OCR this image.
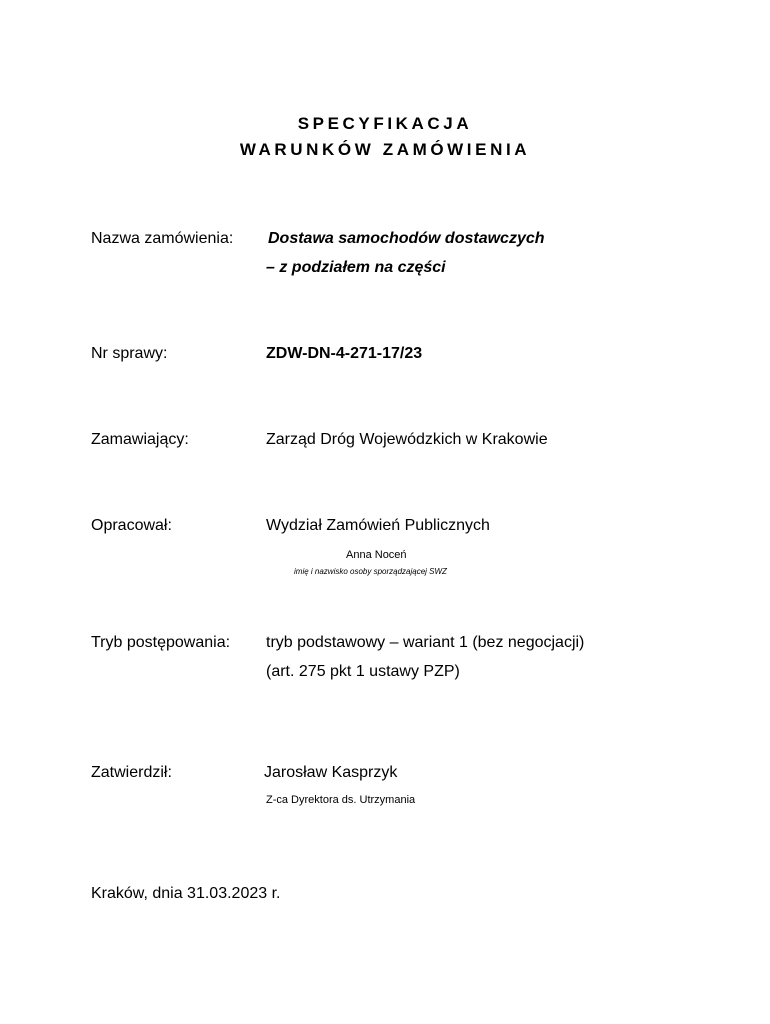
SPECYFIKACJA
WARUNKÓW ZAMÓWIENIA
Nazwa zamówienia: Dostawa samochodów dostawczych
– z podziałem na części
Nr sprawy:	ZDW-DN-4-271-17/23
Zamawiający:	Zarząd Dróg Wojewódzkich w Krakowie
Opracował:	Wydział Zamówień Publicznych
Anna Noceń
imię i nazwisko osoby sporządzającej SWZ
Tryb postępowania: tryb podstawowy – wariant 1 (bez negocjacji)
(art. 275 pkt 1 ustawy PZP)
Zatwierdził:	Jarosław Kasprzyk
Z-ca Dyrektora ds. Utrzymania
Kraków, dnia 31.03.2023 r.
